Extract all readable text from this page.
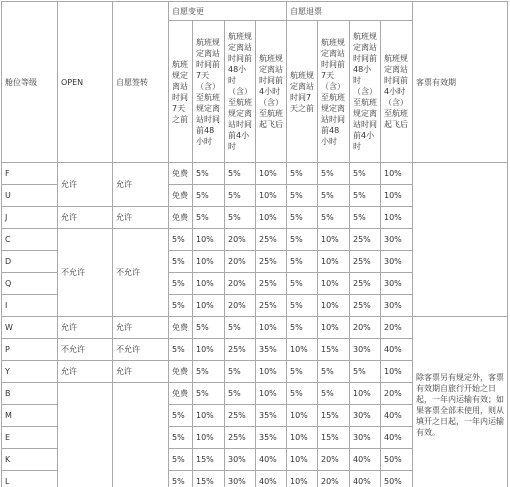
舱位等级	OPEN	自愿签转	自愿变更				自愿退票				客票有效期
			航班规定离站时间7天之前	航班规定离站时间前7天（含）至航班规定离站时间前48小时	航班规定离站时间前48小时（含）至航班规定离站时间前4小时	航班规定离站时间前4小时（含）至航班起飞后	航班规定离站时间7天之前	航班规定离站时间前7天（含）至航班规定离站时间前48小时	航班规定离站时间前48小时（含）至航班规定离站时间前4小时	航班规定离站时间前4小时（含）至航班起飞后	
F	允许	允许	免费	5%	5%	10%	5%	5%	5%	10%	
U			免费	5%	5%	10%	5%	5%	5%	10%	
J	允许	允许	免费	5%	5%	10%	5%	5%	5%	10%	
C	不允许	不允许	5%	10%	20%	25%	5%	10%	25%	30%	
D			5%	10%	20%	25%	5%	10%	25%	30%	
Q			5%	10%	20%	25%	5%	10%	25%	30%	
I			5%	10%	20%	25%	5%	10%	25%	30%	
W	允许	允许	免费	5%	5%	10%	5%	10%	20%	20%	除客票另有规定外，客票有效期自旅行开始之日起，一年内运输有效；如果客票全部未使用，则从填开之日起，一年内运输有效。
P	不允许	不允许	5%	10%	25%	35%	10%	15%	30%	40%	
Y	允许	允许	免费	5%	5%	10%	5%	5%	5%	10%	
B			免费	5%	5%	10%	5%	5%	10%	20%	
M			5%	10%	25%	35%	10%	15%	30%	40%	
E			5%	10%	25%	35%	10%	15%	30%	40%	
K			5%	15%	30%	40%	10%	20%	40%	50%	
L			5%	15%	30%	40%	10%	20%	40%	50%	
